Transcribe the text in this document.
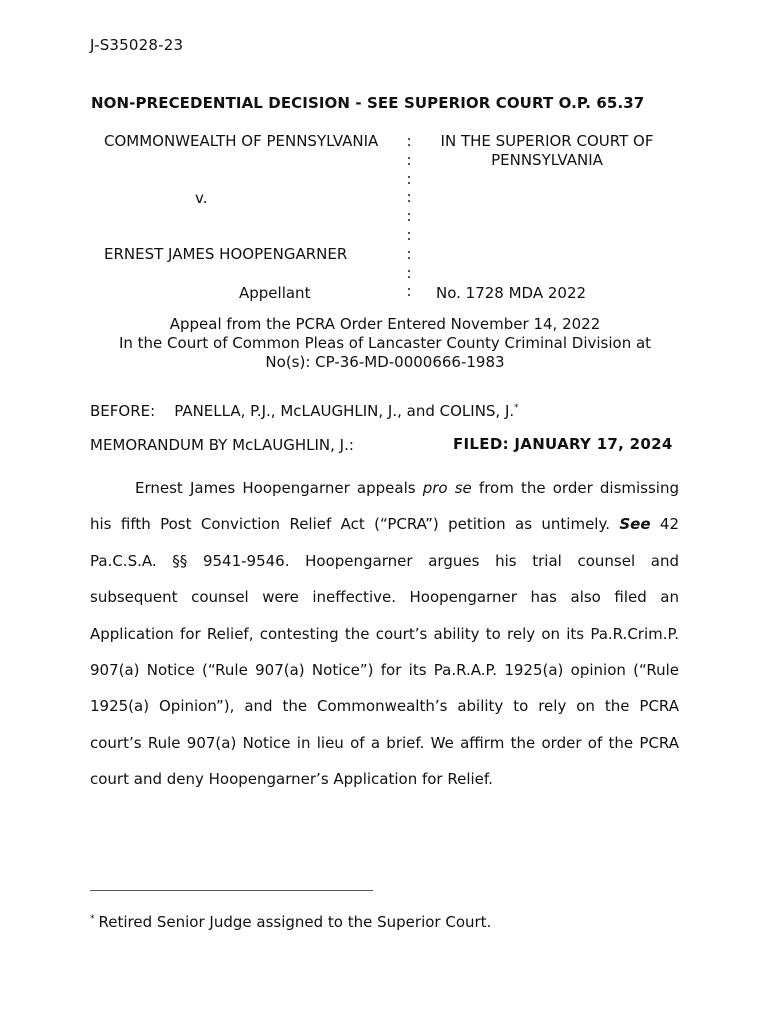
J-S35028-23
NON-PRECEDENTIAL DECISION - SEE SUPERIOR COURT O.P. 65.37
COMMONWEALTH OF PENNSYLVANIA
v.
ERNEST JAMES HOOPENGARNER
Appellant
:
:
:
:
:
:
:
:
:
IN THE SUPERIOR COURT OF
PENNSYLVANIA
No. 1728 MDA 2022
Appeal from the PCRA Order Entered November 14, 2022
In the Court of Common Pleas of Lancaster County Criminal Division at
No(s): CP-36-MD-0000666-1983
BEFORE: PANELLA, P.J., McLAUGHLIN, J., and COLINS, J.*
MEMORANDUM BY McLAUGHLIN, J.:	FILED: JANUARY 17, 2024

Ernest James Hoopengarner appeals pro se from the order dismissing his fifth Post Conviction Relief Act (“PCRA”) petition as untimely. See 42 Pa.C.S.A. §§ 9541-9546. Hoopengarner argues his trial counsel and subsequent counsel were ineffective. Hoopengarner has also filed an Application for Relief, contesting the court’s ability to rely on its Pa.R.Crim.P. 907(a) Notice (“Rule 907(a) Notice”) for its Pa.R.A.P. 1925(a) opinion (“Rule 1925(a) Opinion”), and the Commonwealth’s ability to rely on the PCRA court’s Rule 907(a) Notice in lieu of a brief. We affirm the order of the PCRA court and deny Hoopengarner’s Application for Relief.

* Retired Senior Judge assigned to the Superior Court.
